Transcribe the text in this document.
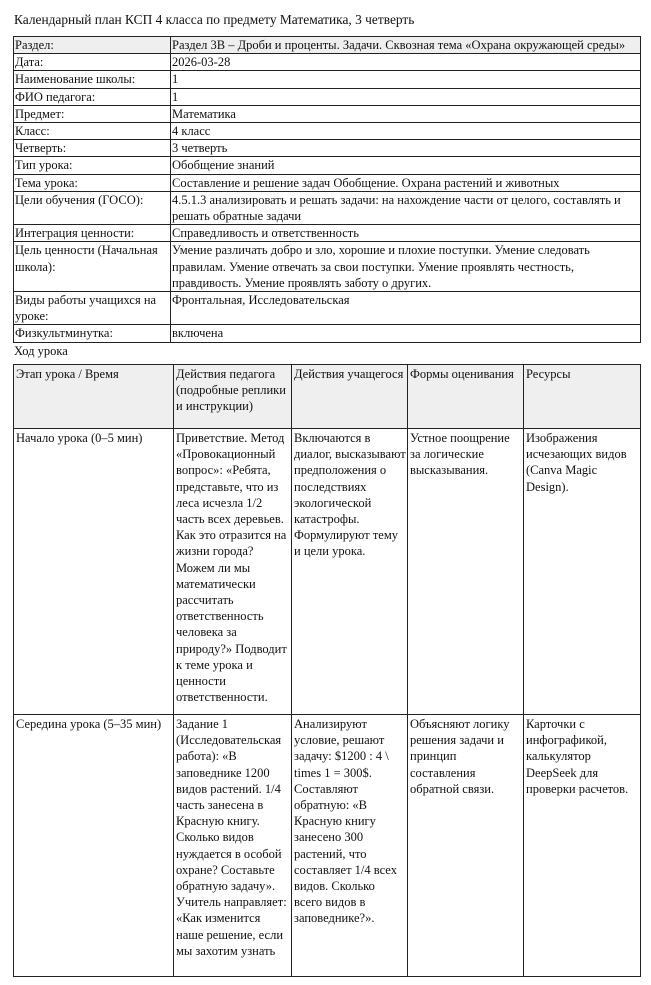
Календарный план КСП 4 класса по предмету Математика, 3 четверть
Раздел:	Раздел 3В – Дроби и проценты. Задачи. Сквозная тема «Охрана окружающей среды»
Дата:	2026-03-28
Наименование школы:	1
ФИО педагога:	1
Предмет:	Математика
Класс:	4 класс
Четверть:	3 четверть
Тип урока:	Обобщение знаний
Тема урока:	Составление и решение задач Обобщение. Охрана растений и животных
Цели обучения (ГОСО):	4.5.1.3 анализировать и решать задачи: на нахождение части от целого, составлять и решать обратные задачи
Интеграция ценности:	Справедливость и ответственность
Цель ценности (Начальная школа):	Умение различать добро и зло, хорошие и плохие поступки. Умение следовать правилам. Умение отвечать за свои поступки. Умение проявлять честность, правдивость. Умение проявлять заботу о других.
Виды работы учащихся на уроке:	Фронтальная, Исследовательская
Физкультминутка:	включена
Ход урока
Этап урока / Время	Действия педагога (подробные реплики и инструкции)	Действия учащегося	Формы оценивания	Ресурсы
Начало урока (0–5 мин)	Приветствие. Метод «Провокационный вопрос»: «Ребята, представьте, что из леса исчезла 1/2 часть всех деревьев. Как это отразится на жизни города? Можем ли мы математически рассчитать ответственность человека за природу?» Подводит к теме урока и ценности ответственности.	Включаются в диалог, высказывают предположения о последствиях экологической катастрофы. Формулируют тему и цели урока.	Устное поощрение за логические высказывания.	Изображения исчезающих видов (Canva Magic Design).
Середина урока (5–35 мин)	Задание 1 (Исследовательская работа): «В заповеднике 1200 видов растений. 1/4 часть занесена в Красную книгу. Сколько видов нуждается в особой охране? Составьте обратную задачу». Учитель направляет: «Как изменится наше решение, если мы захотим узнать	Анализируют условие, решают задачу: $1200 : 4 \ times 1 = 300$. Составляют обратную: «В Красную книгу занесено 300 растений, что составляет 1/4 всех видов. Сколько всего видов в заповеднике?».	Объясняют логику решения задачи и принцип составления обратной связи.	Карточки с инфографикой, калькулятор DeepSeek для проверки расчетов.
